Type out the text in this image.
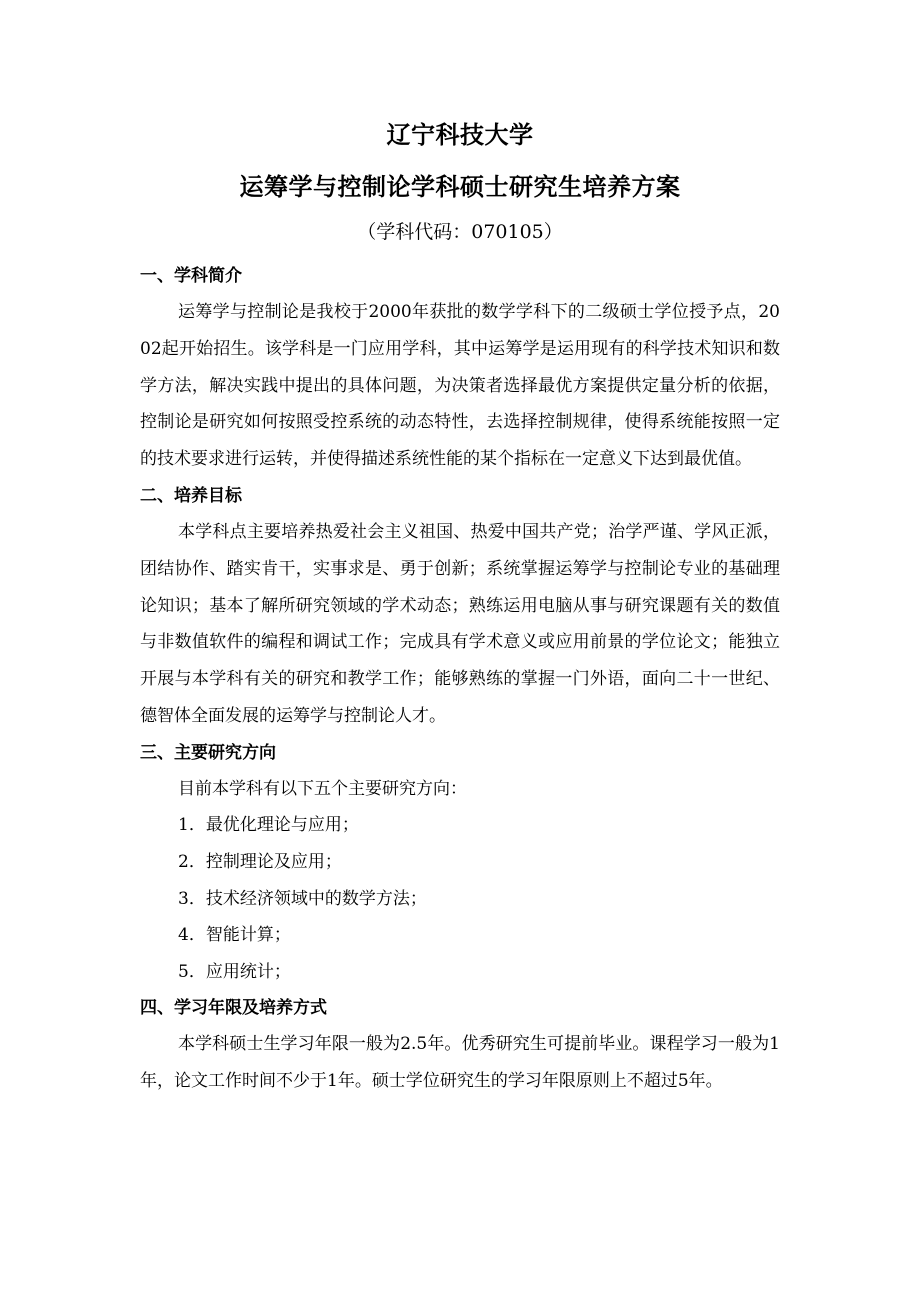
辽宁科技大学
运筹学与控制论学科硕士研究生培养方案
（学科代码：070105）
一、学科简介
运筹学与控制论是我校于2000年获批的数学学科下的二级硕士学位授予点，2002起开始招生。该学科是一门应用学科，其中运筹学是运用现有的科学技术知识和数学方法，解决实践中提出的具体问题，为决策者选择最优方案提供定量分析的依据，控制论是研究如何按照受控系统的动态特性，去选择控制规律，使得系统能按照一定的技术要求进行运转，并使得描述系统性能的某个指标在一定意义下达到最优值。
二、培养目标
本学科点主要培养热爱社会主义祖国、热爱中国共产党；治学严谨、学风正派，团结协作、踏实肯干，实事求是、勇于创新；系统掌握运筹学与控制论专业的基础理论知识；基本了解所研究领域的学术动态；熟练运用电脑从事与研究课题有关的数值与非数值软件的编程和调试工作；完成具有学术意义或应用前景的学位论文；能独立开展与本学科有关的研究和教学工作；能够熟练的掌握一门外语，面向二十一世纪、德智体全面发展的运筹学与控制论人才。
三、主要研究方向
目前本学科有以下五个主要研究方向：
1．最优化理论与应用；
2．控制理论及应用；
3．技术经济领域中的数学方法；
4．智能计算；
5．应用统计；
四、学习年限及培养方式
本学科硕士生学习年限一般为2.5年。优秀研究生可提前毕业。课程学习一般为1年，论文工作时间不少于1年。硕士学位研究生的学习年限原则上不超过5年。
